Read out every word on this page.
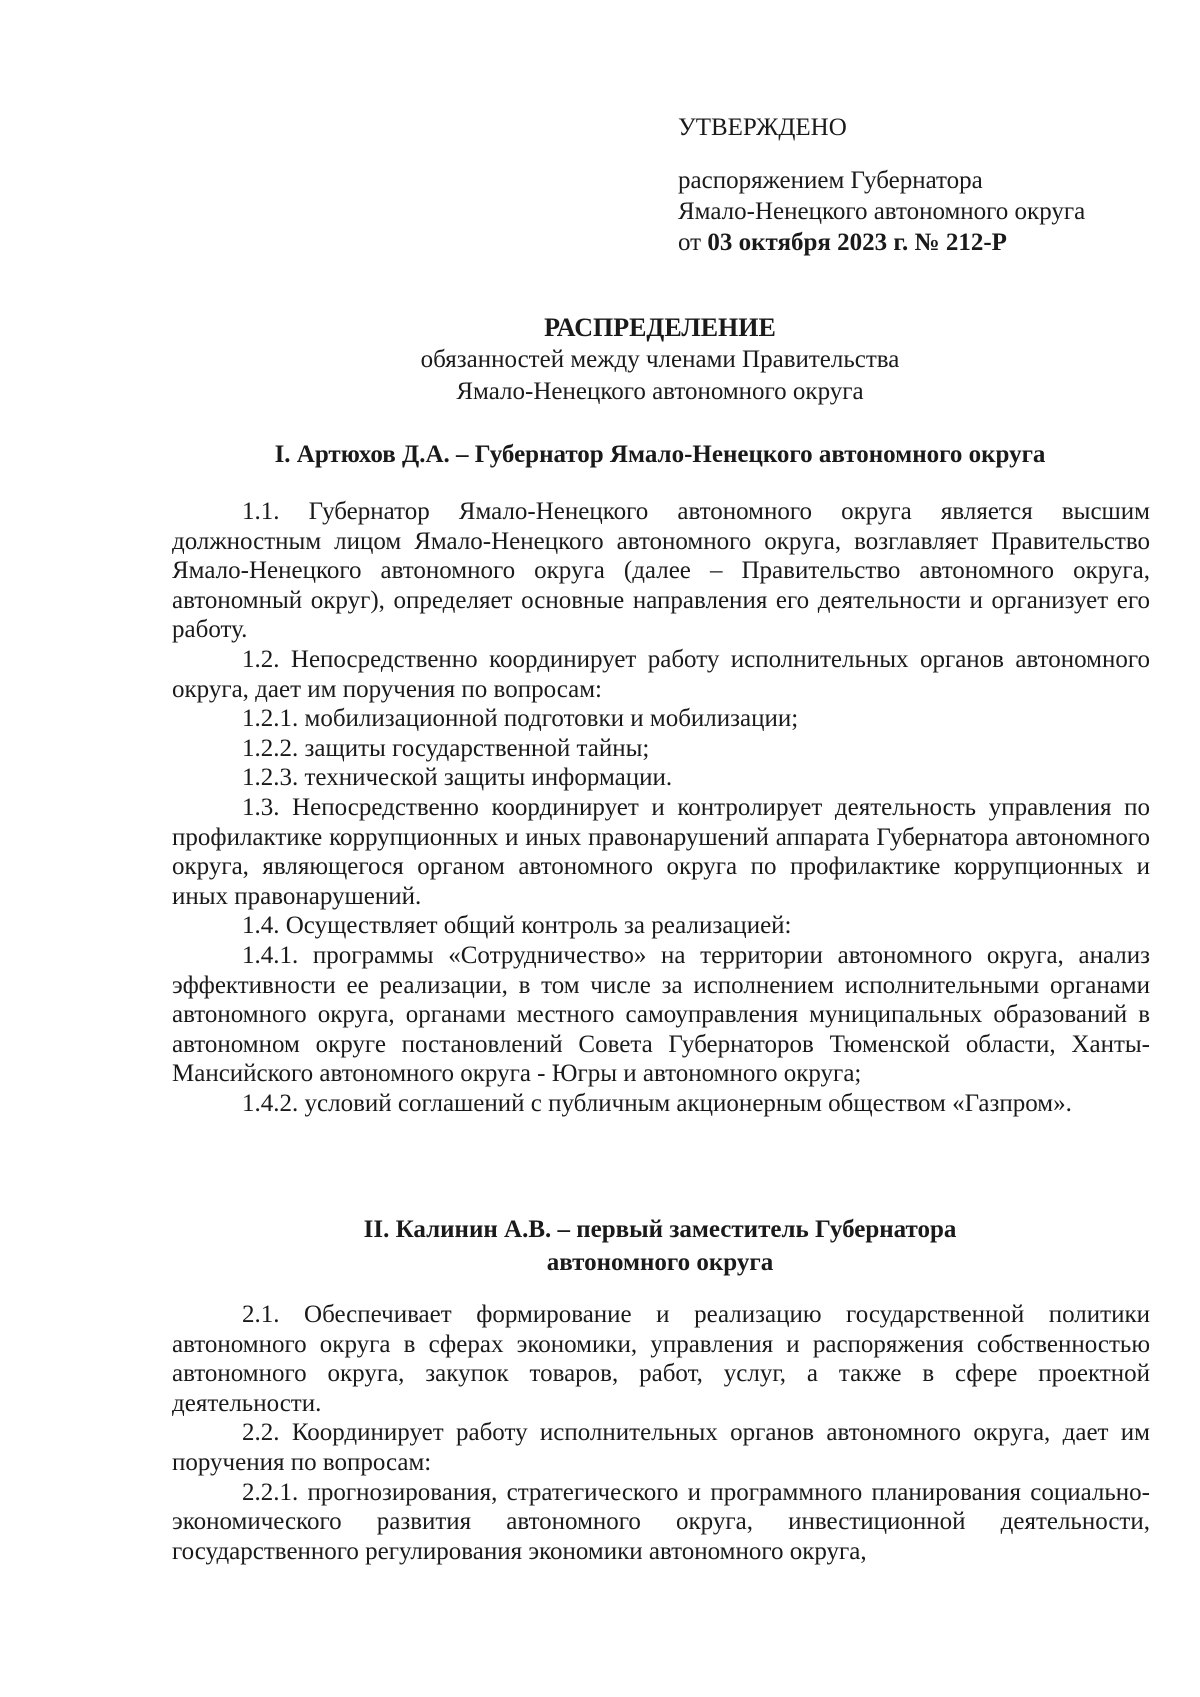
УТВЕРЖДЕНО
распоряжением Губернатора
Ямало-Ненецкого автономного округа
от 03 октября 2023 г. № 212-Р
РАСПРЕДЕЛЕНИЕ
обязанностей между членами Правительства
Ямало-Ненецкого автономного округа
I. Артюхов Д.А. – Губернатор Ямало-Ненецкого автономного округа

1.1. Губернатор Ямало-Ненецкого автономного округа является высшим должностным лицом Ямало-Ненецкого автономного округа, возглавляет Правительство Ямало-Ненецкого автономного округа (далее – Правительство автономного округа, автономный округ), определяет основные направления его деятельности и организует его работу.

1.2. Непосредственно координирует работу исполнительных органов автономного округа, дает им поручения по вопросам:

1.2.1. мобилизационной подготовки и мобилизации;

1.2.2. защиты государственной тайны;

1.2.3. технической защиты информации.

1.3. Непосредственно координирует и контролирует деятельность управления по профилактике коррупционных и иных правонарушений аппарата Губернатора автономного округа, являющегося органом автономного округа по профилактике коррупционных и иных правонарушений.

1.4. Осуществляет общий контроль за реализацией:

1.4.1. программы «Сотрудничество» на территории автономного округа, анализ эффективности ее реализации, в том числе за исполнением исполнительными органами автономного округа, органами местного самоуправления муниципальных образований в автономном округе постановлений Совета Губернаторов Тюменской области, Ханты-Мансийского автономного округа - Югры и автономного округа;

1.4.2. условий соглашений с публичным акционерным обществом «Газпром».

II. Калинин А.В. – первый заместитель Губернатора
автономного округа

2.1. Обеспечивает формирование и реализацию государственной политики автономного округа в сферах экономики, управления и распоряжения собственностью автономного округа, закупок товаров, работ, услуг, а также в сфере проектной деятельности.

2.2. Координирует работу исполнительных органов автономного округа, дает им поручения по вопросам:

2.2.1. прогнозирования, стратегического и программного планирования социально-экономического развития автономного округа, инвестиционной деятельности, государственного регулирования экономики автономного округа,
